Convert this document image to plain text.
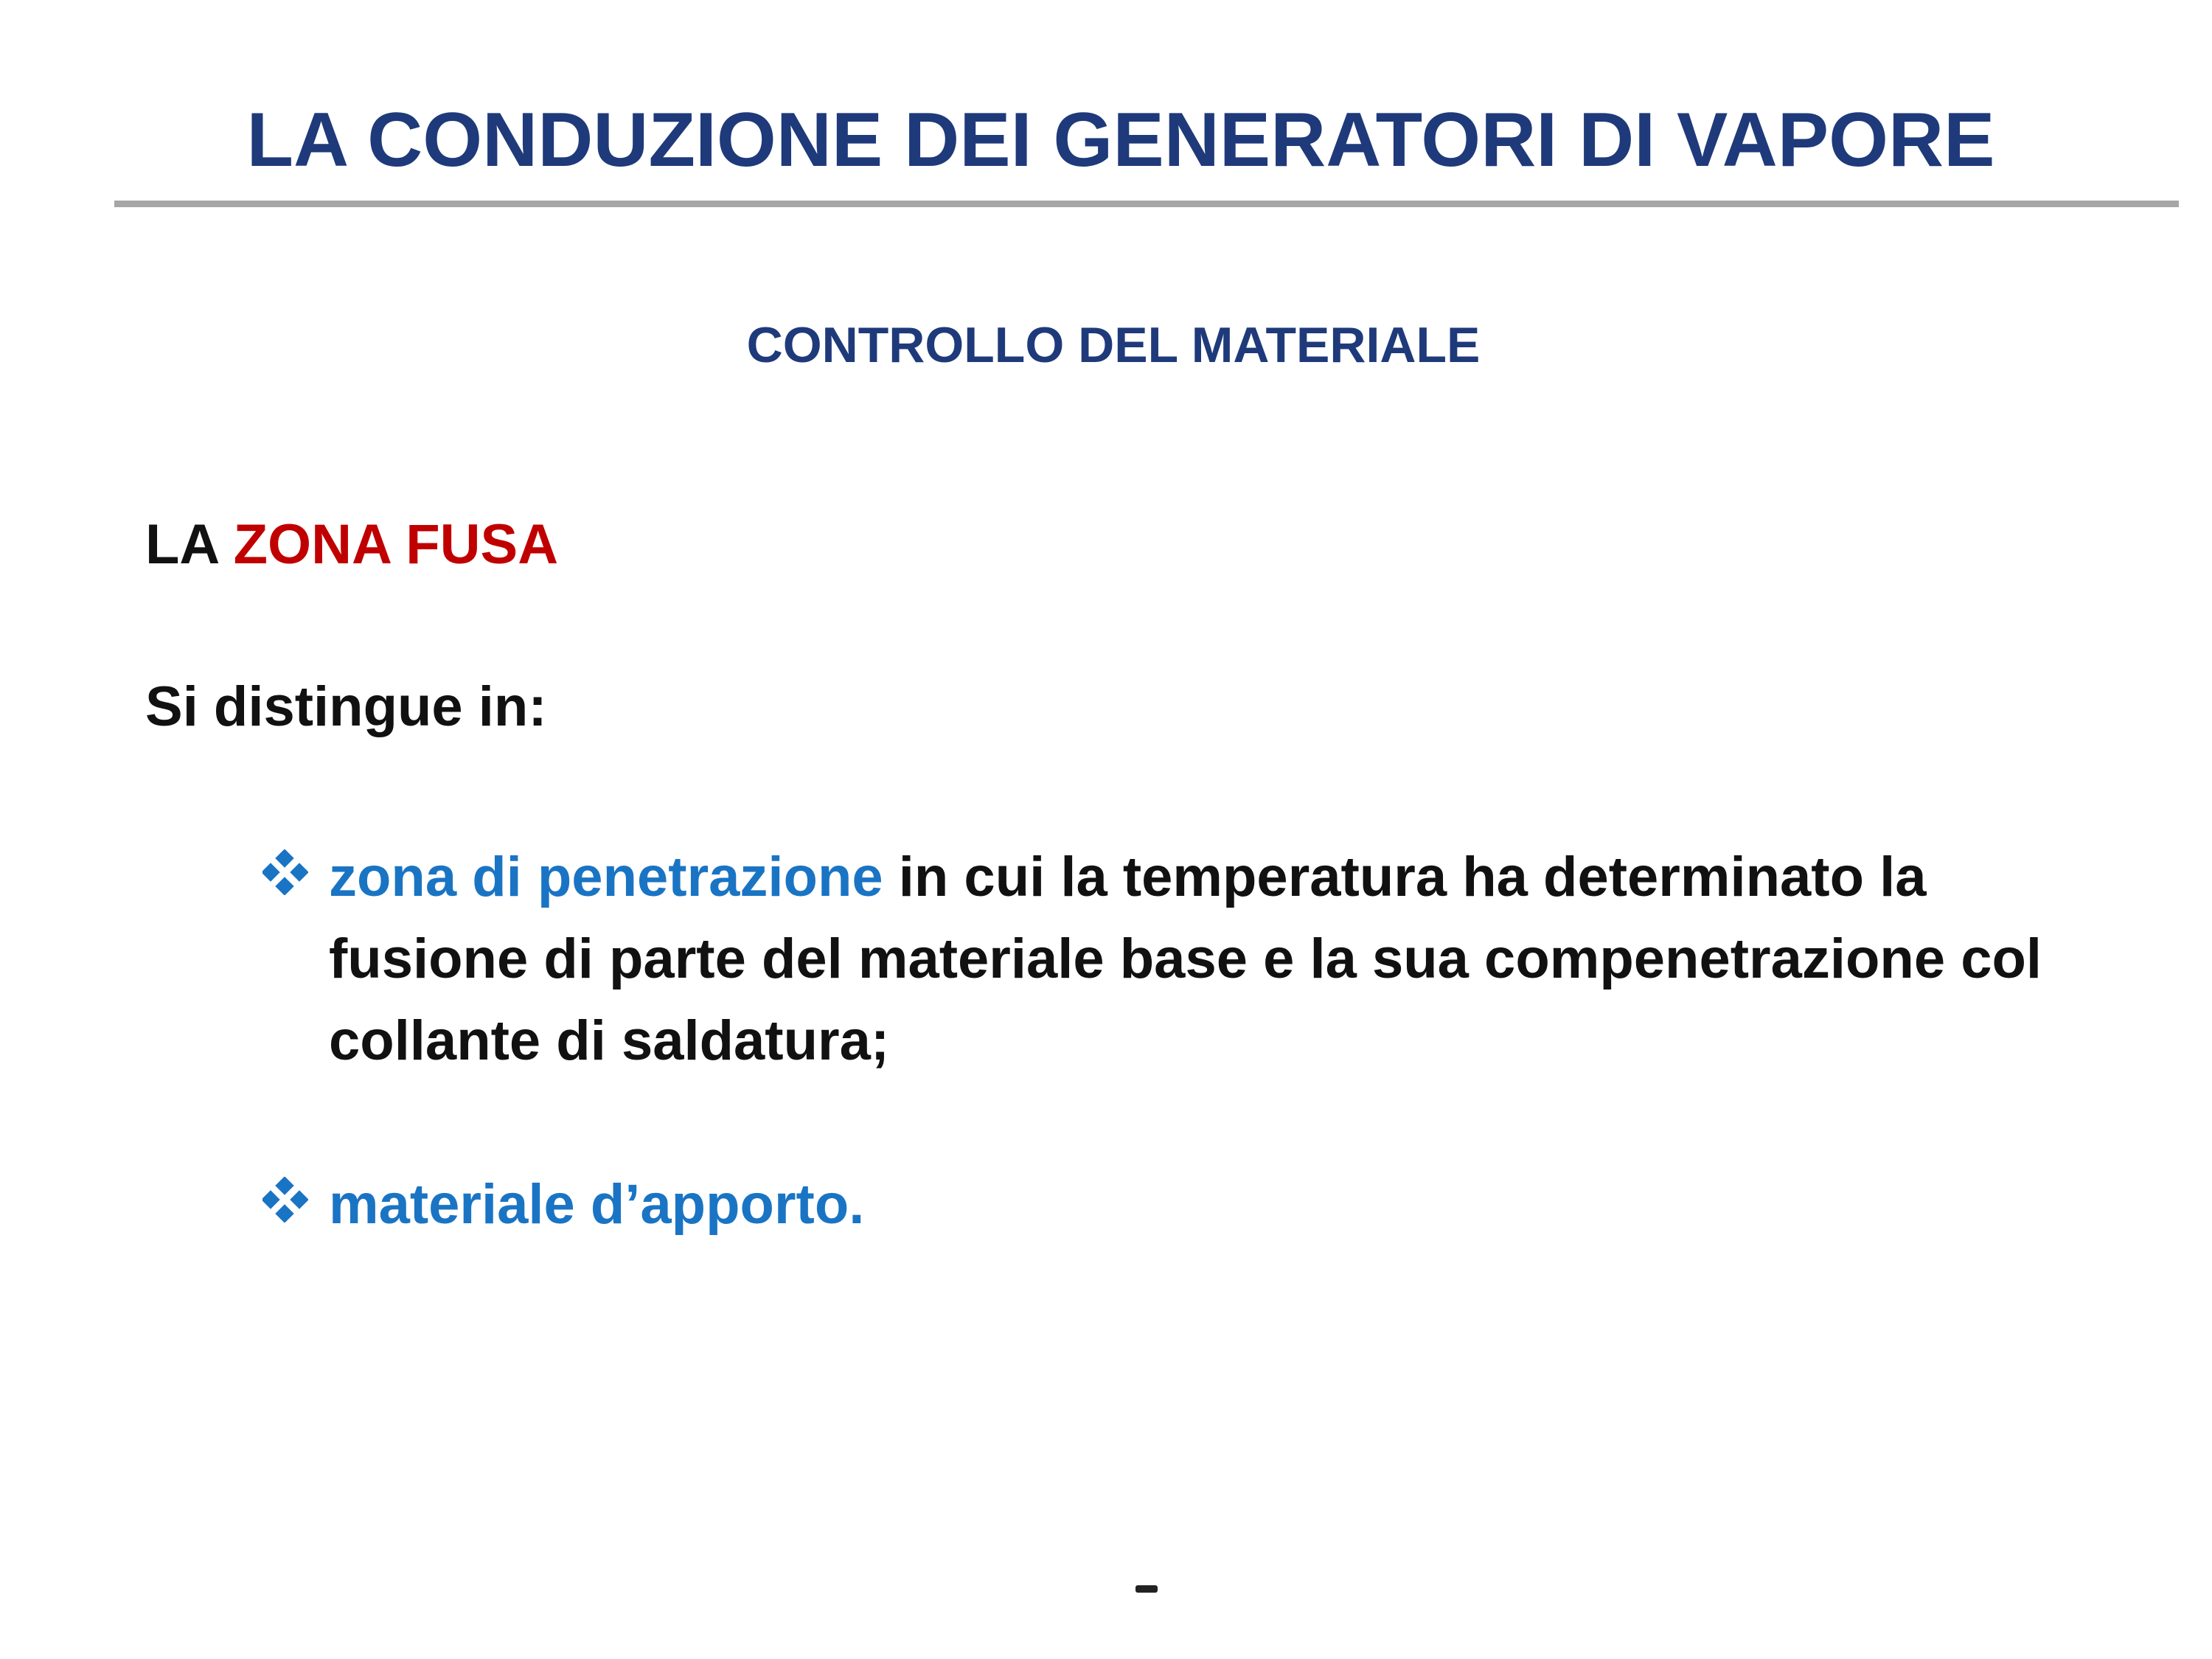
LA CONDUZIONE DEI GENERATORI DI VAPORE
CONTROLLO DEL MATERIALE
LA ZONA FUSA
Si distingue in:
zona di penetrazione in cui la temperatura ha determinato la fusione di parte del materiale base e la sua compenetrazione col collante di saldatura;
materiale d’apporto.
